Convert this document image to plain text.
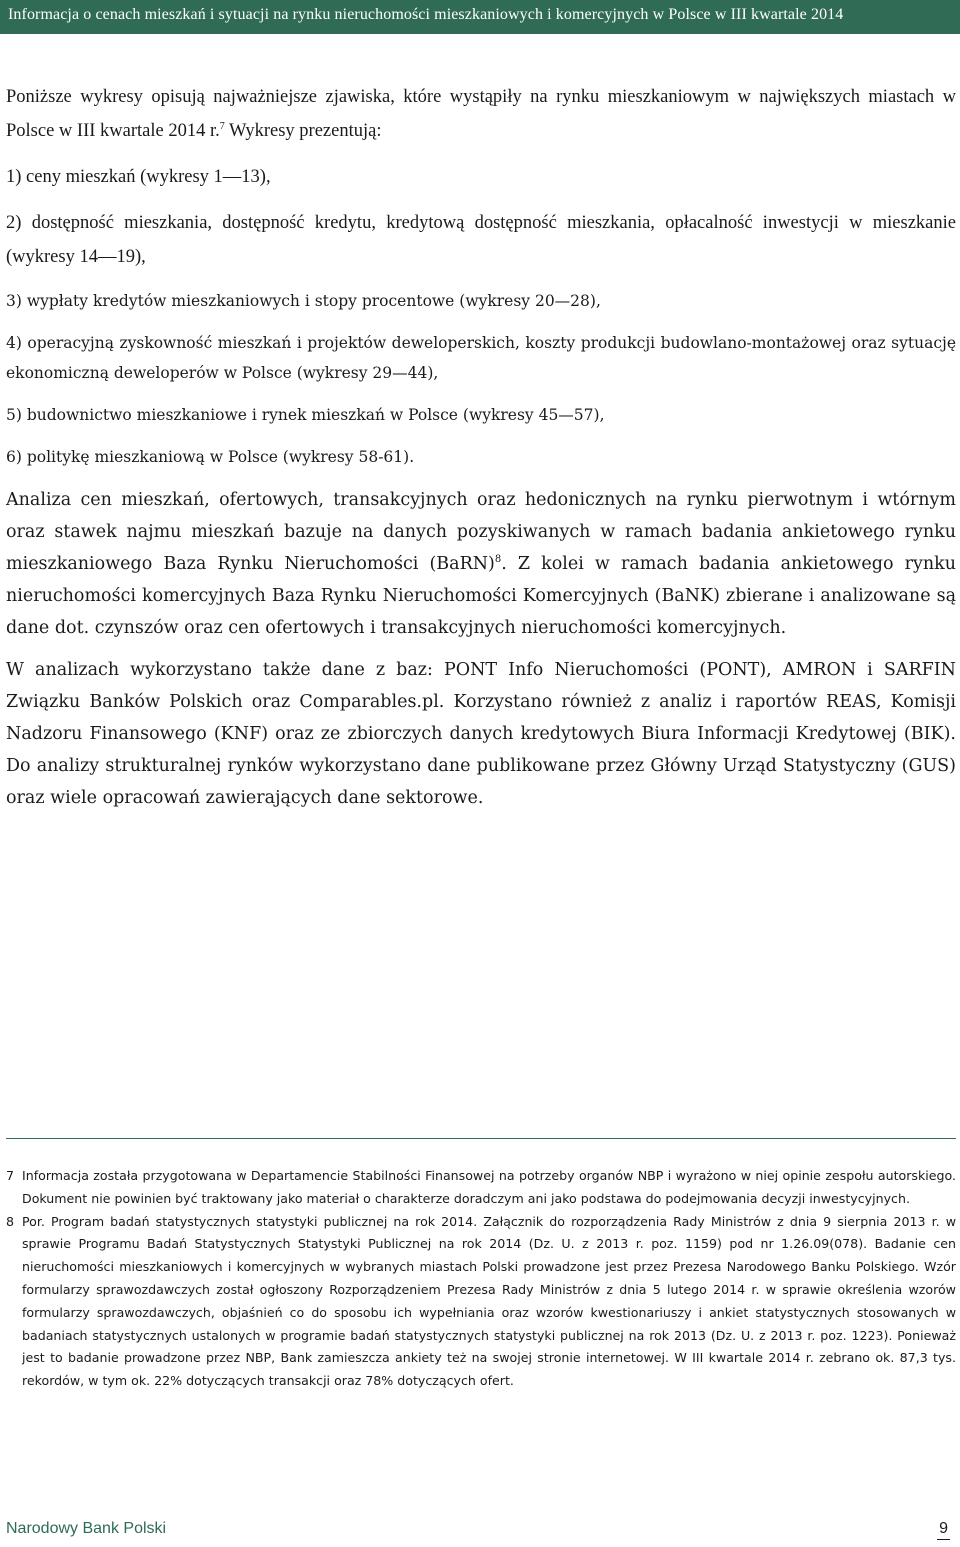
Informacja o cenach mieszkań i sytuacji na rynku nieruchomości mieszkaniowych i komercyjnych w Polsce w III kwartale 2014

Poniższe wykresy opisują najważniejsze zjawiska, które wystąpiły na rynku mieszkaniowym w największych miastach w Polsce w III kwartale 2014 r.$^7$ Wykresy prezentują:

1) ceny mieszkań (wykresy 1—13),

2) dostępność mieszkania, dostępność kredytu, kredytową dostępność mieszkania, opłacalność inwestycji w mieszkanie (wykresy 14—19),

3) wypłaty kredytów mieszkaniowych i stopy procentowe (wykresy 20—28),

4) operacyjną zyskowność mieszkań i projektów deweloperskich, koszty produkcji budowlano-montażowej oraz sytuację ekonomiczną deweloperów w Polsce (wykresy 29—44),

5) budownictwo mieszkaniowe i rynek mieszkań w Polsce (wykresy 45—57),

6) politykę mieszkaniową w Polsce (wykresy 58-61).

Analiza cen mieszkań, ofertowych, transakcyjnych oraz hedonicznych na rynku pierwotnym i wtórnym oraz stawek najmu mieszkań bazuje na danych pozyskiwanych w ramach badania ankietowego rynku mieszkaniowego Baza Rynku Nieruchomości (BaRN)$^8$. Z kolei w ramach badania ankietowego rynku nieruchomości komercyjnych Baza Rynku Nieruchomości Komercyjnych (BaNK) zbierane i analizowane są dane dot. czynszów oraz cen ofertowych i transakcyjnych nieruchomości komercyjnych.

W analizach wykorzystano także dane z baz: PONT Info Nieruchomości (PONT), AMRON i SARFIN Związku Banków Polskich oraz Comparables.pl. Korzystano również z analiz i raportów REAS, Komisji Nadzoru Finansowego (KNF) oraz ze zbiorczych danych kredytowych Biura Informacji Kredytowej (BIK). Do analizy strukturalnej rynków wykorzystano dane publikowane przez Główny Urząd Statystyczny (GUS) oraz wiele opracowań zawierających dane sektorowe.

7 Informacja została przygotowana w Departamencie Stabilności Finansowej na potrzeby organów NBP i wyrażono w niej opinie zespołu autorskiego. Dokument nie powinien być traktowany jako materiał o charakterze doradczym ani jako podstawa do podejmowania decyzji inwestycyjnych.
8 Por. Program badań statystycznych statystyki publicznej na rok 2014. Załącznik do rozporządzenia Rady Ministrów z dnia 9 sierpnia 2013 r. w sprawie Programu Badań Statystycznych Statystyki Publicznej na rok 2014 (Dz. U. z 2013 r. poz. 1159) pod nr 1.26.09(078). Badanie cen nieruchomości mieszkaniowych i komercyjnych w wybranych miastach Polski prowadzone jest przez Prezesa Narodowego Banku Polskiego. Wzór formularzy sprawozdawczych został ogłoszony Rozporządzeniem Prezesa Rady Ministrów z dnia 5 lutego 2014 r. w sprawie określenia wzorów formularzy sprawozdawczych, objaśnień co do sposobu ich wypełniania oraz wzorów kwestionariuszy i ankiet statystycznych stosowanych w badaniach statystycznych ustalonych w programie badań statystycznych statystyki publicznej na rok 2013 (Dz. U. z 2013 r. poz. 1223). Ponieważ jest to badanie prowadzone przez NBP, Bank zamieszcza ankiety też na swojej stronie internetowej. W III kwartale 2014 r. zebrano ok. 87,3 tys. rekordów, w tym ok. 22% dotyczących transakcji oraz 78% dotyczących ofert.
Narodowy Bank Polski	9
